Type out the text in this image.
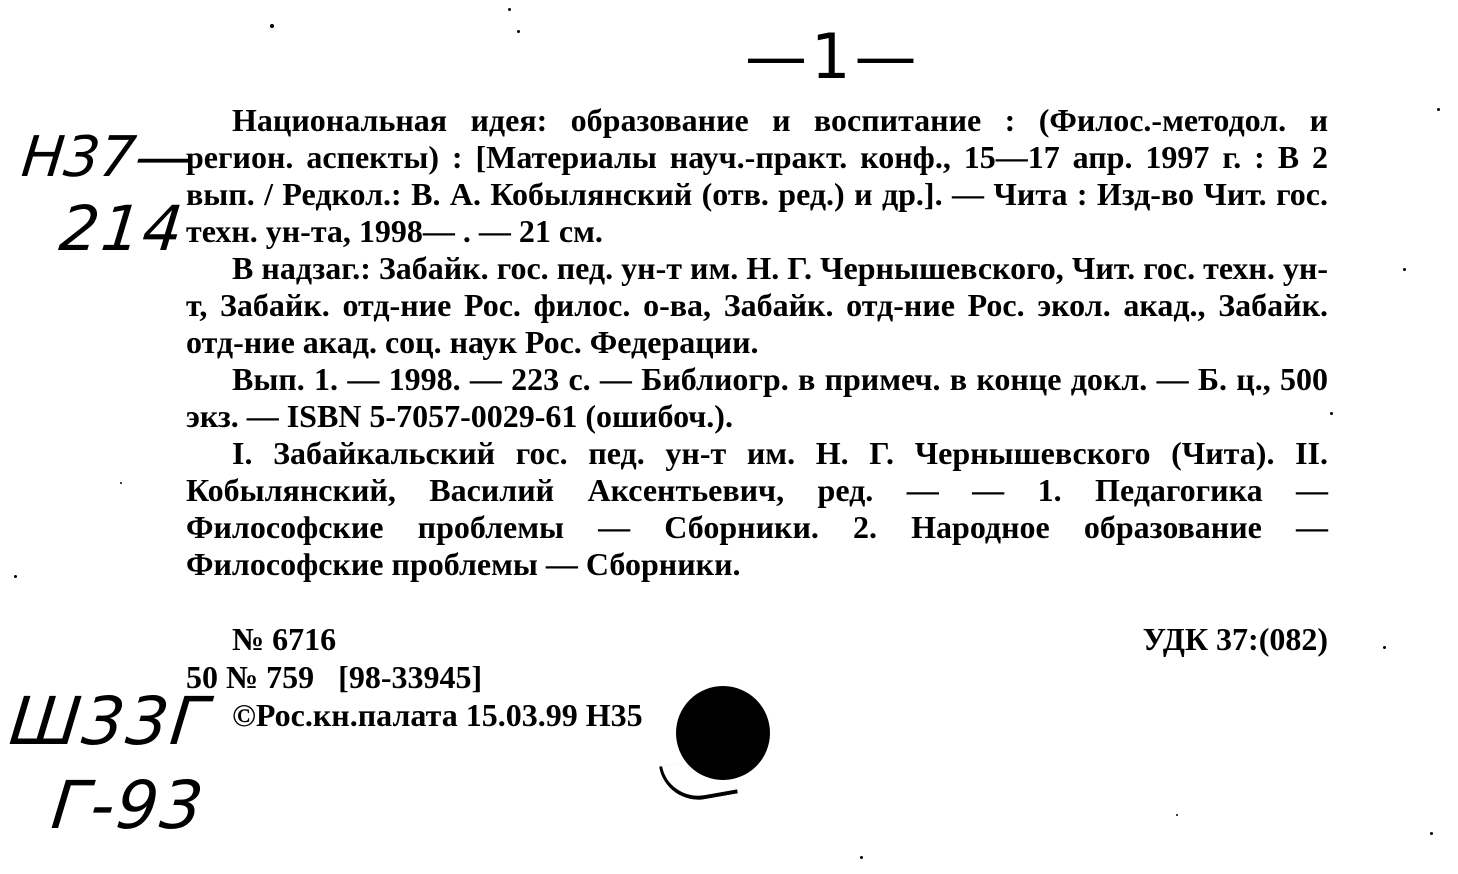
—1—
Н37—
214
Ш33Г
Г-93

Национальная идея: образование и воспитание : (Филос.-методол. и регион. аспекты) : [Материалы науч.-практ. конф., 15—17 апр. 1997 г. : В 2 вып. / Редкол.: В. А. Кобылянский (отв. ред.) и др.]. — Чита : Изд-во Чит. гос. техн. ун-та, 1998— . — 21 см.

В надзаг.: Забайк. гос. пед. ун-т им. Н. Г. Чернышевского, Чит. гос. техн. ун-т, Забайк. отд-ние Рос. филос. о-ва, Забайк. отд-ние Рос. экол. акад., Забайк. отд-ние акад. соц. наук Рос. Федерации.

Вып. 1. — 1998. — 223 с. — Библиогр. в примеч. в конце докл. — Б. ц., 500 экз. — ISBN 5-7057-0029-61 (ошибоч.).

I. Забайкальский гос. пед. ун-т им. Н. Г. Чернышевского (Чита). II. Кобылянский, Василий Аксентьевич, ред. — — 1. Педагогика — Философские проблемы — Сборники. 2. Народное образование — Философские проблемы — Сборники.

№ 6716
50 № 759   [98-33945]
©Рос.кн.палата 15.03.99 Н35
УДК 37:(082)
